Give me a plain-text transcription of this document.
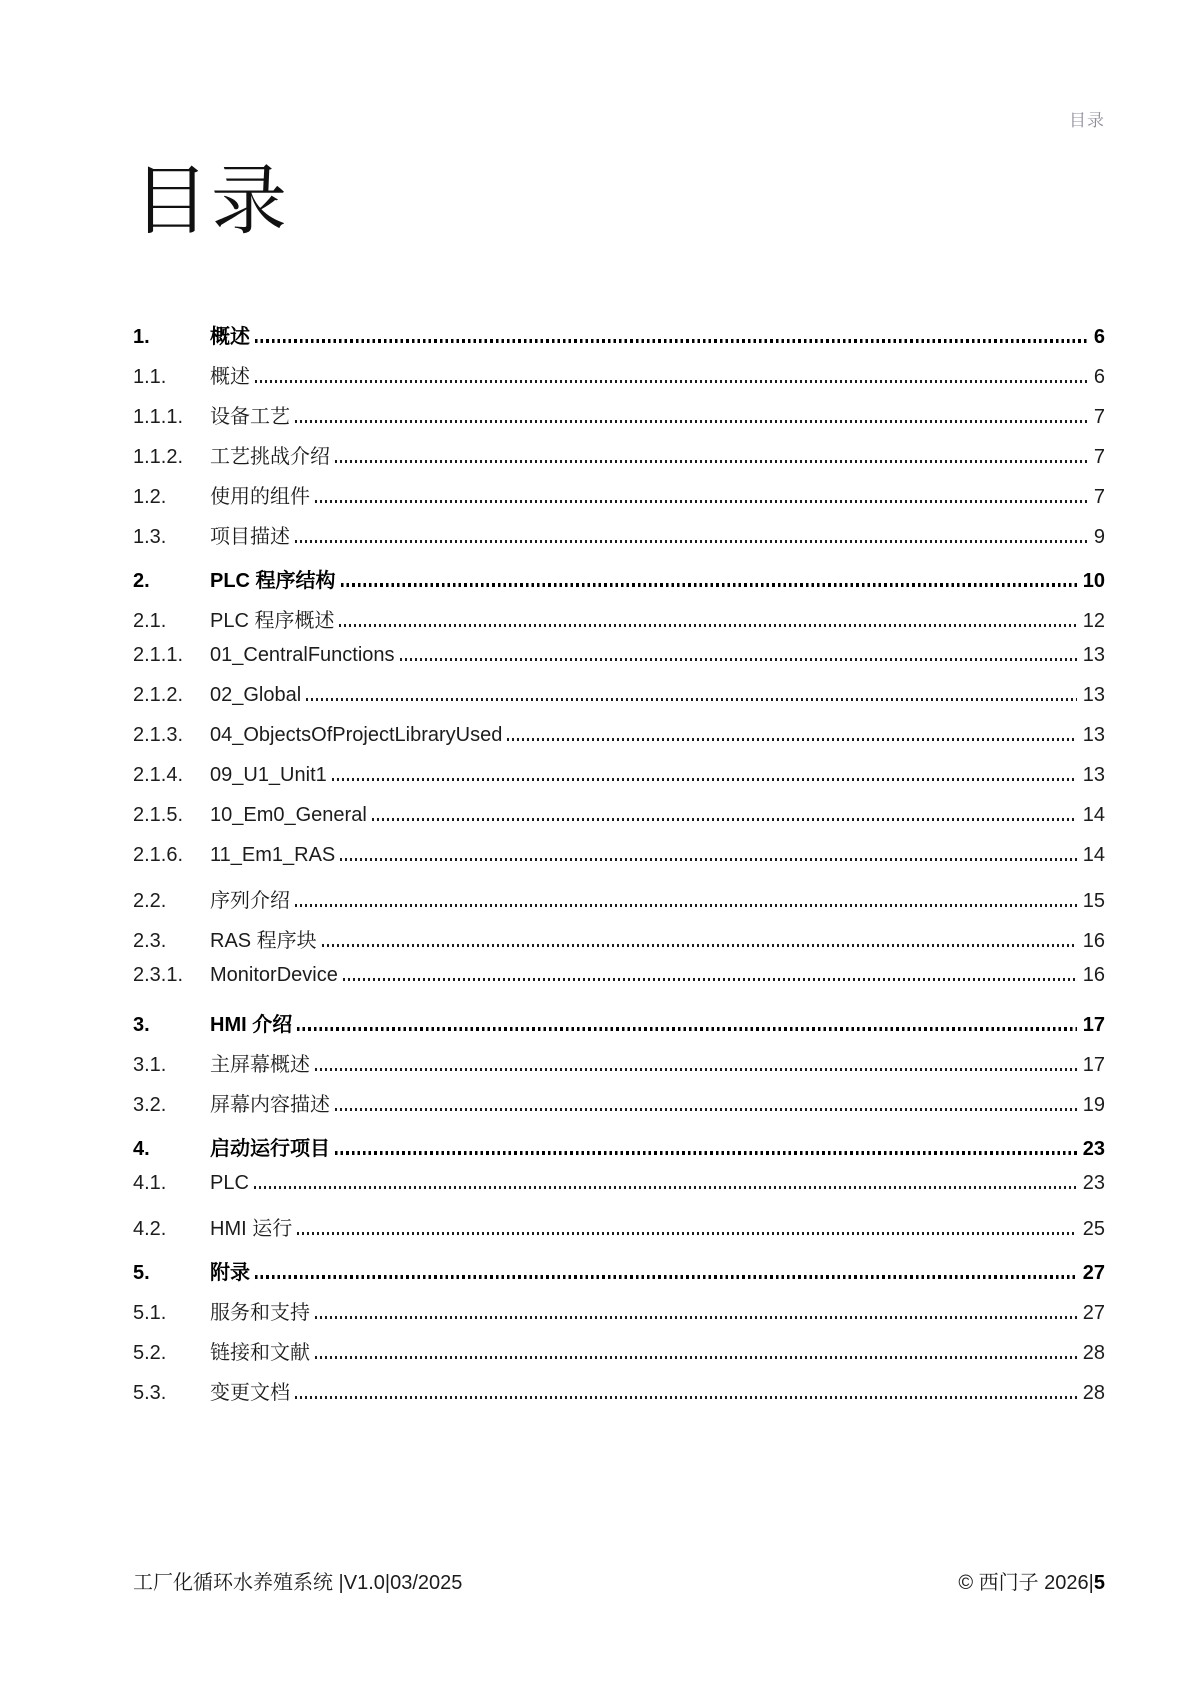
目录
目录
1.	概述	6
1.1.	概述	6
1.1.1.	设备工艺	7
1.1.2.	工艺挑战介绍	7
1.2.	使用的组件	7
1.3.	项目描述	9
2.	PLC 程序结构	10
2.1.	PLC 程序概述	12
2.1.1.	01_CentralFunctions	13
2.1.2.	02_Global	13
2.1.3.	04_ObjectsOfProjectLibraryUsed	13
2.1.4.	09_U1_Unit1	13
2.1.5.	10_Em0_General	14
2.1.6.	11_Em1_RAS	14
2.2.	序列介绍	15
2.3.	RAS 程序块	16
2.3.1.	MonitorDevice	16
3.	HMI 介绍	17
3.1.	主屏幕概述	17
3.2.	屏幕内容描述	19
4.	启动运行项目	23
4.1.	PLC	23
4.2.	HMI 运行	25
5.	附录	27
5.1.	服务和支持	27
5.2.	链接和文献	28
5.3.	变更文档	28
工厂化循环水养殖系统 |V1.0|03/2025	© 西门子 2026|5
